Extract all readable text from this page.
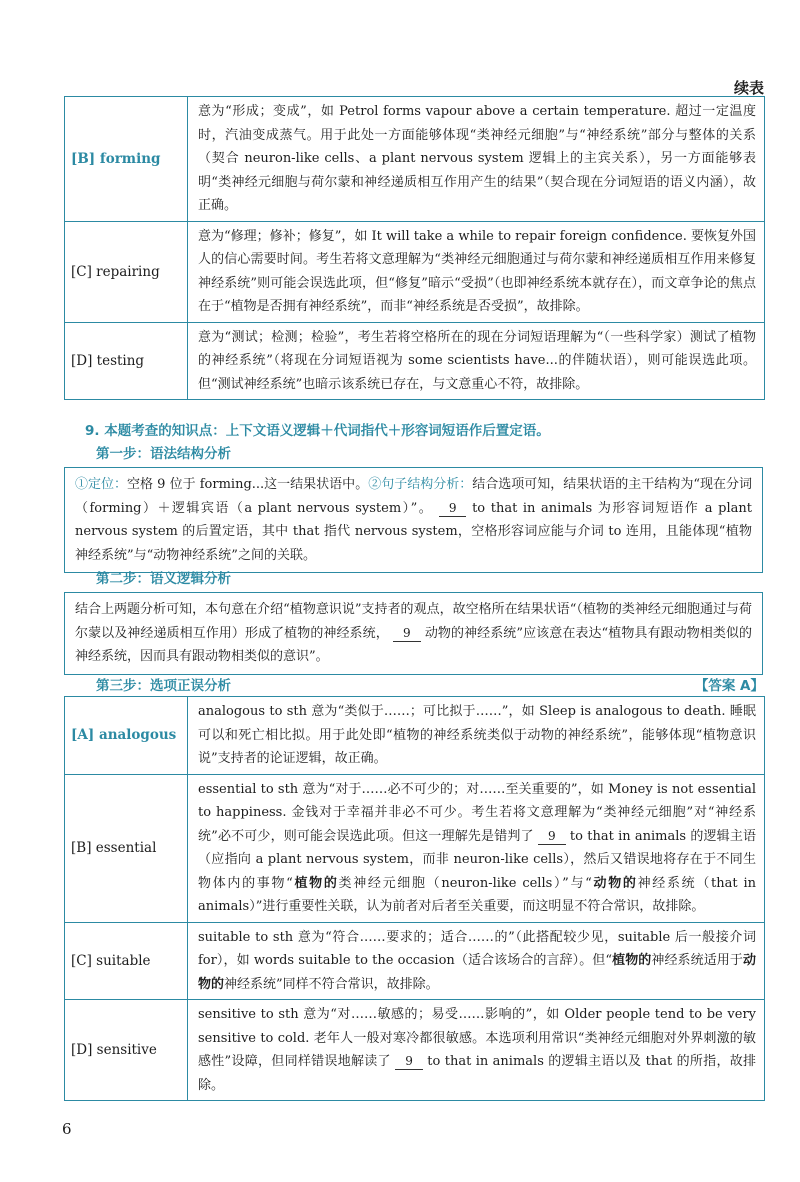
续表
[B] forming	意为“形成；变成”，如 Petrol forms vapour above a certain temperature. 超过一定温度时，汽油变成蒸气。用于此处一方面能够体现“类神经元细胞”与“神经系统”部分与整体的关系（契合 neuron-like cells、a plant nervous system 逻辑上的主宾关系），另一方面能够表明“类神经元细胞与荷尔蒙和神经递质相互作用产生的结果”（契合现在分词短语的语义内涵），故正确。
[C] repairing	意为“修理；修补；修复”，如 It will take a while to repair foreign confidence. 要恢复外国人的信心需要时间。考生若将文意理解为“类神经元细胞通过与荷尔蒙和神经递质相互作用来修复神经系统”则可能会误选此项，但“修复”暗示“受损”（也即神经系统本就存在），而文章争论的焦点在于“植物是否拥有神经系统”，而非“神经系统是否受损”，故排除。
[D] testing	意为“测试；检测；检验”，考生若将空格所在的现在分词短语理解为“（一些科学家）测试了植物的神经系统”（将现在分词短语视为 some scientists have...的伴随状语），则可能误选此项。但“测试神经系统”也暗示该系统已存在，与文意重心不符，故排除。
9. 本题考查的知识点：上下文语义逻辑＋代词指代＋形容词短语作后置定语。
第一步：语法结构分析
①定位：空格 9 位于 forming...这一结果状语中。②句子结构分析：结合选项可知，结果状语的主干结构为“现在分词（forming）＋逻辑宾语（a plant nervous system）”。 9 to that in animals 为形容词短语作 a plant nervous system 的后置定语，其中 that 指代 nervous system，空格形容词应能与介词 to 连用，且能体现“植物神经系统”与“动物神经系统”之间的关联。
第二步：语义逻辑分析
结合上两题分析可知，本句意在介绍“植物意识说”支持者的观点，故空格所在结果状语“（植物的类神经元细胞通过与荷尔蒙以及神经递质相互作用）形成了植物的神经系统， 9 动物的神经系统”应该意在表达“植物具有跟动物相类似的神经系统，因而具有跟动物相类似的意识”。
第三步：选项正误分析	【答案 A】
[A] analogous	analogous to sth 意为“类似于……；可比拟于……”，如 Sleep is analogous to death. 睡眠可以和死亡相比拟。用于此处即“植物的神经系统类似于动物的神经系统”，能够体现“植物意识说”支持者的论证逻辑，故正确。
[B] essential	essential to sth 意为“对于……必不可少的；对……至关重要的”，如 Money is not essential to happiness. 金钱对于幸福并非必不可少。考生若将文意理解为“类神经元细胞”对“神经系统”必不可少，则可能会误选此项。但这一理解先是错判了 9 to that in animals 的逻辑主语（应指向 a plant nervous system，而非 neuron-like cells），然后又错误地将存在于不同生物体内的事物“植物的类神经元细胞（neuron-like cells）”与“动物的神经系统（that in animals）”进行重要性关联，认为前者对后者至关重要，而这明显不符合常识，故排除。
[C] suitable	suitable to sth 意为“符合……要求的；适合……的”（此搭配较少见，suitable 后一般接介词 for），如 words suitable to the occasion（适合该场合的言辞）。但“植物的神经系统适用于动物的神经系统”同样不符合常识，故排除。
[D] sensitive	sensitive to sth 意为“对……敏感的；易受……影响的”，如 Older people tend to be very sensitive to cold. 老年人一般对寒冷都很敏感。本选项利用常识“类神经元细胞对外界刺激的敏感性”设障，但同样错误地解读了 9 to that in animals 的逻辑主语以及 that 的所指，故排除。
6
